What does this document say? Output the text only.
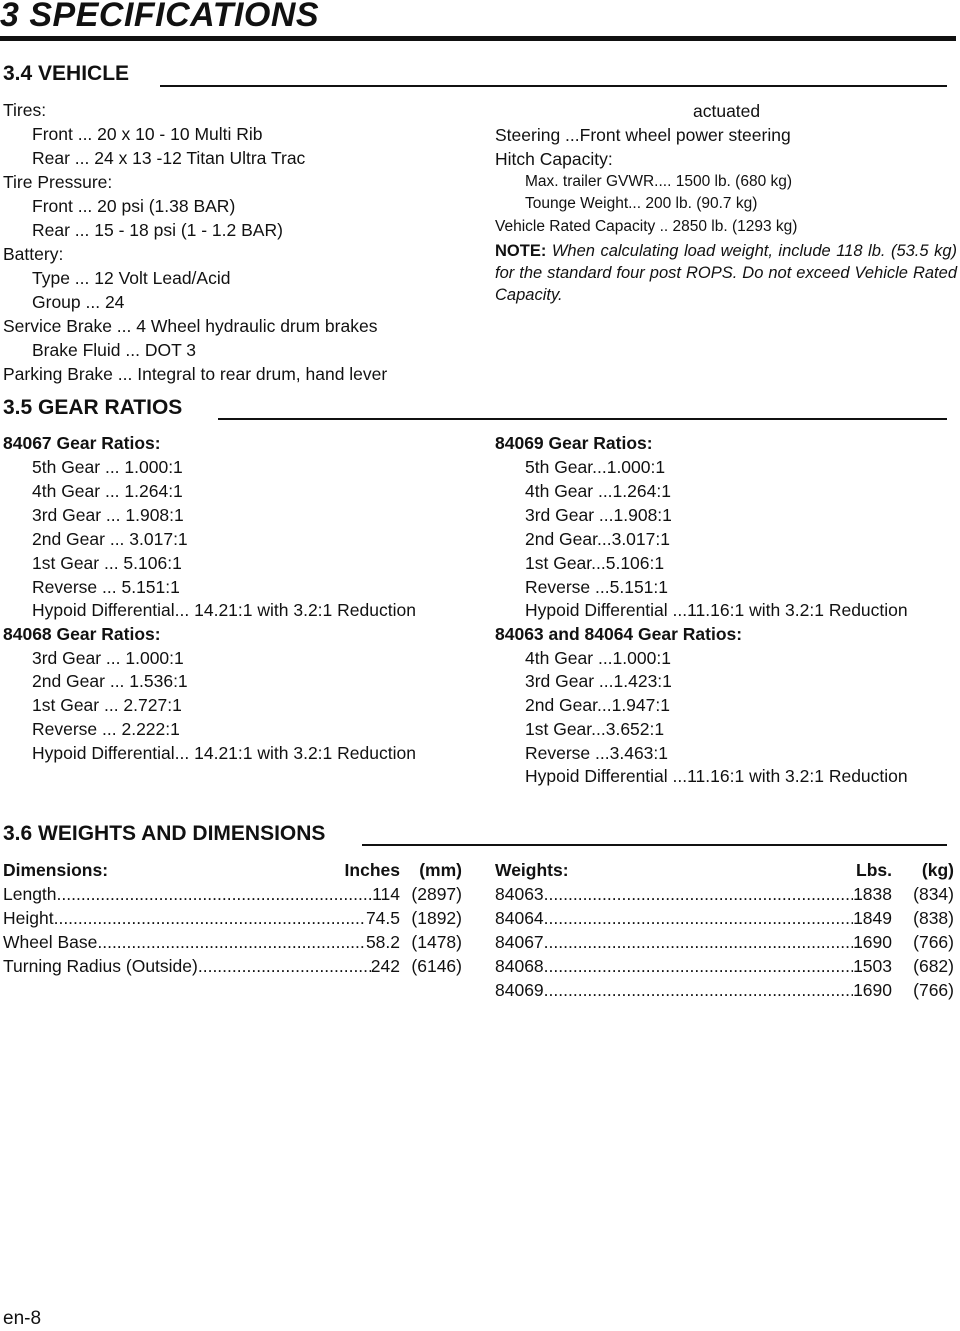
3 SPECIFICATIONS
3.4 VEHICLE
Tires:
Front ... 20 x 10 - 10 Multi Rib
Rear ... 24 x 13 -12 Titan Ultra Trac
Tire Pressure:
Front ... 20 psi (1.38 BAR)
Rear ... 15 - 18 psi (1 - 1.2 BAR)
Battery:
Type ... 12 Volt Lead/Acid
Group ... 24
Service Brake ... 4 Wheel hydraulic drum brakes
Brake Fluid ... DOT 3
Parking Brake ... Integral to rear drum, hand lever
actuated
Steering ...Front wheel power steering
Hitch Capacity:
Max. trailer GVWR.... 1500 lb. (680 kg)
Tounge Weight... 200 lb. (90.7 kg)
Vehicle Rated Capacity .. 2850 lb. (1293 kg)
NOTE: When calculating load weight, include 118 lb. (53.5 kg) for the standard four post ROPS. Do not exceed Vehicle Rated Capacity.
3.5 GEAR RATIOS
84067 Gear Ratios:
5th Gear ... 1.000:1
4th Gear ... 1.264:1
3rd Gear ... 1.908:1
2nd Gear ... 3.017:1
1st Gear ... 5.106:1
Reverse ... 5.151:1
Hypoid Differential... 14.21:1 with 3.2:1 Reduction
84068 Gear Ratios:
3rd Gear ... 1.000:1
2nd Gear ... 1.536:1
1st Gear ... 2.727:1
Reverse ... 2.222:1
Hypoid Differential... 14.21:1 with 3.2:1 Reduction
84069 Gear Ratios:
5th Gear...1.000:1
4th Gear ...1.264:1
3rd Gear ...1.908:1
2nd Gear...3.017:1
1st Gear...5.106:1
Reverse ...5.151:1
Hypoid Differential ...11.16:1 with 3.2:1 Reduction
84063 and 84064 Gear Ratios:
4th Gear ...1.000:1
3rd Gear ...1.423:1
2nd Gear...1.947:1
1st Gear...3.652:1
Reverse ...3.463:1
Hypoid Differential ...11.16:1 with 3.2:1 Reduction
3.6 WEIGHTS AND DIMENSIONS
Dimensions:	Inches	(mm)
Length .....	114 (2897)
Height .....	74.5 (1892)
Wheel Base .....	58.2 (1478)
Turning Radius (Outside) .....	242 (6146)
Weights:	Lbs.	(kg)
84063 .....	1838	(834)
84064 .....	1849	(838)
84067 .....	1690	(766)
84068 .....	1503	(682)
84069 .....	1690	(766)
en-8
